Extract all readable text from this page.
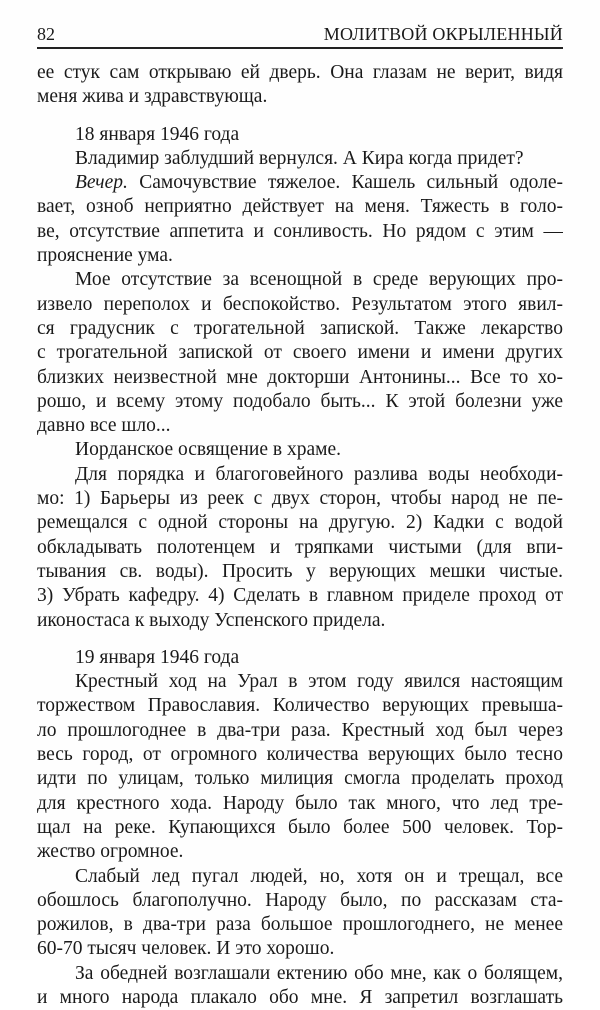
82	МОЛИТВОЙ ОКРЫЛЕННЫЙ
ее стук сам открываю ей дверь. Она глазам не верит, видя
меня жива и здравствующа.
18 января 1946 года
Владимир заблудший вернулся. А Кира когда придет?
Вечер. Самочувствие тяжелое. Кашель сильный одоле-
вает, озноб неприятно действует на меня. Тяжесть в голо-
ве, отсутствие аппетита и сонливость. Но рядом с этим —
прояснение ума.
Мое отсутствие за всенощной в среде верующих про-
извело переполох и беспокойство. Результатом этого явил-
ся градусник с трогательной запиской. Также лекарство
с трогательной запиской от своего имени и имени других
близких неизвестной мне докторши Антонины... Все то хо-
рошо, и всему этому подобало быть... К этой болезни уже
давно все шло...
Иорданское освящение в храме.
Для порядка и благоговейного разлива воды необходи-
мо: 1) Барьеры из реек с двух сторон, чтобы народ не пе-
ремещался с одной стороны на другую. 2) Кадки с водой
обкладывать полотенцем и тряпками чистыми (для впи-
тывания св. воды). Просить у верующих мешки чистые.
3) Убрать кафедру. 4) Сделать в главном приделе проход от
иконостаса к выходу Успенского придела.
19 января 1946 года
Крестный ход на Урал в этом году явился настоящим
торжеством Православия. Количество верующих превыша-
ло прошлогоднее в два-три раза. Крестный ход был через
весь город, от огромного количества верующих было тесно
идти по улицам, только милиция смогла проделать проход
для крестного хода. Народу было так много, что лед тре-
щал на реке. Купающихся было более 500 человек. Тор-
жество огромное.
Слабый лед пугал людей, но, хотя он и трещал, все
обошлось благополучно. Народу было, по рассказам ста-
рожилов, в два-три раза большое прошлогоднего, не менее
60-70 тысяч человек. И это хорошо.
За обедней возглашали ектению обо мне, как о болящем,
и много народа плакало обо мне. Я запретил возглашать
